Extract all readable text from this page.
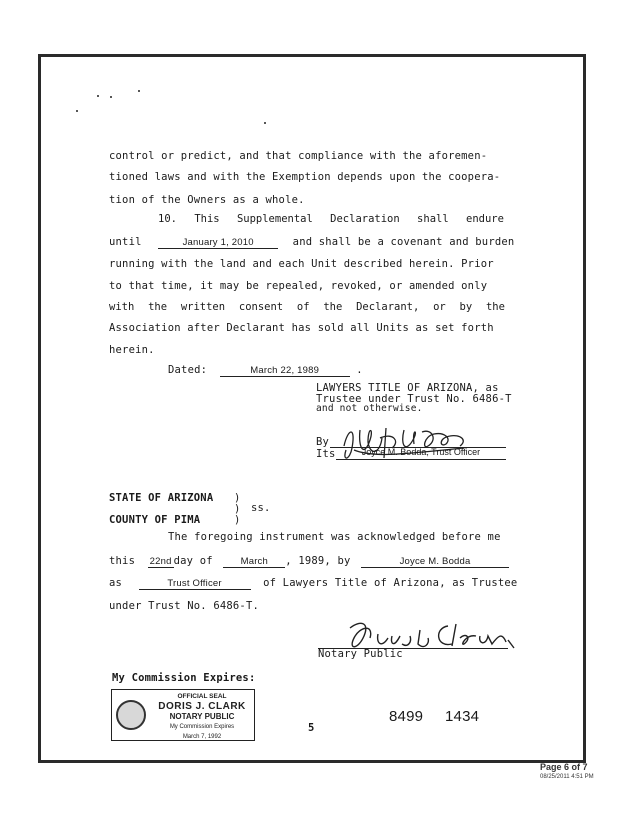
control or predict, and that compliance with the aforemen-
tioned laws and with the Exemption depends upon the coopera-
tion of the Owners as a whole.
10. This Supplemental Declaration shall endure
until	January 1, 2010	and shall be a covenant and burden
running with the land and each Unit described herein. Prior
to that time, it may be repealed, revoked, or amended only
with the written consent of the Declarant, or by the
Association after Declarant has sold all Units as set forth
herein.
Dated:	March 22, 1989	.
LAWYERS TITLE OF ARIZONA, as
Trustee under Trust No. 6486-T
and not otherwise.
By
Its	Joyce M. Bodda, Trust Officer
STATE OF ARIZONA )
) ss.
COUNTY OF PIMA	)
The foregoing instrument was acknowledged before me
this 22nd day of	March , 1989, by	Joyce M. Bodda
as	Trust Officer	of Lawyers Title of Arizona, as Trustee
under Trust No. 6486-T.
Notary Public
My Commission Expires:
OFFICIAL SEAL
DORIS J. CLARK
NOTARY PUBLIC
My Commission Expires
March 7, 1992
5
8499 1434
Page 6 of 7
08/25/2011 4:51 PM
